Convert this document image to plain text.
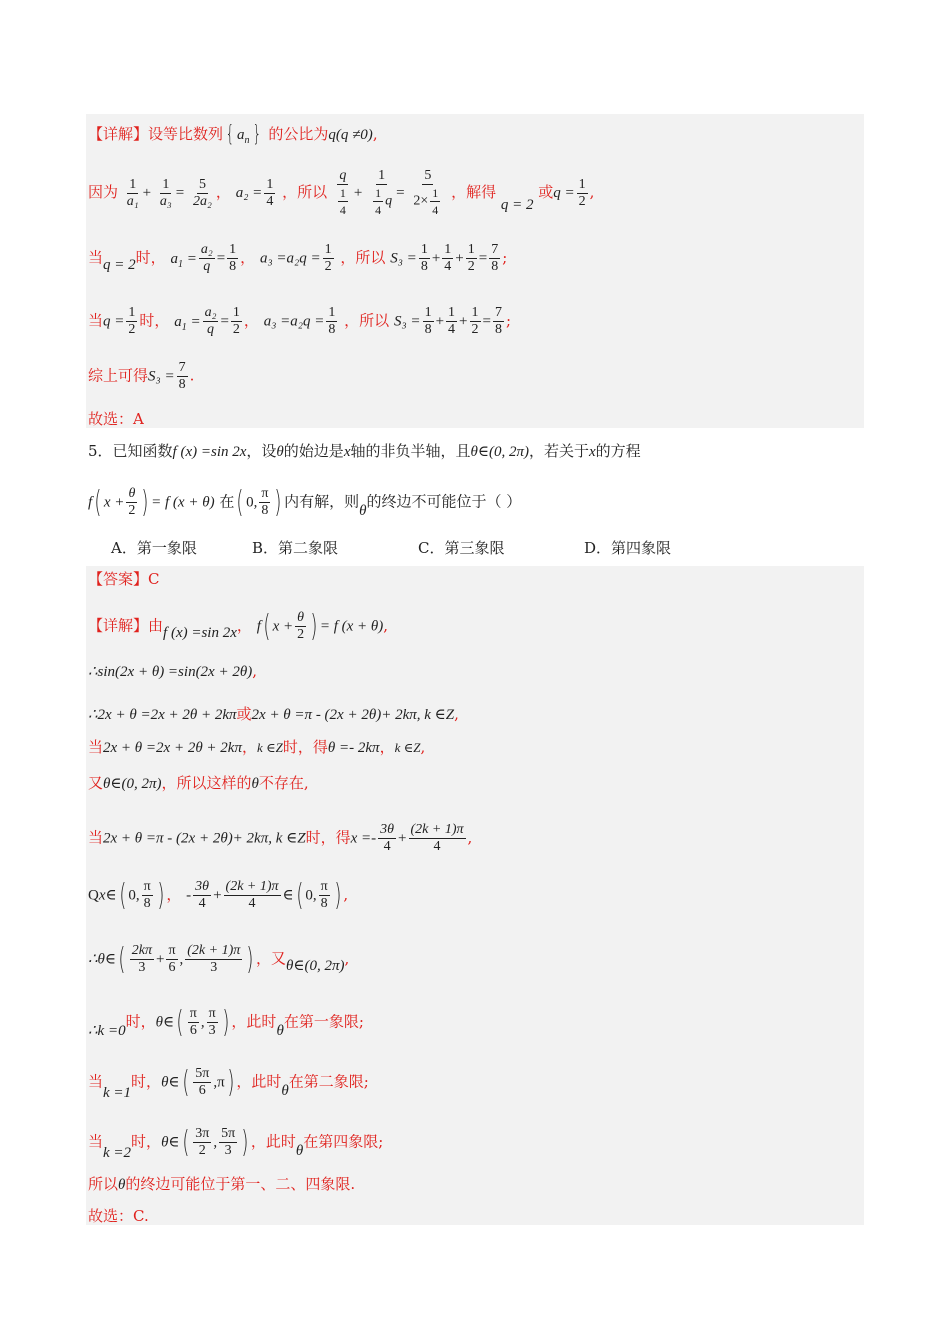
【详解】设等比数列 { $a_n$ } 的公比为q(q ≠0),
因为 $\frac{1}{\text{a₁}} + \frac{1}{\text{a₃}} = \frac{5}{\text{2a₂}}$ ， $a_2 = \frac{1}{4}$ ，所以 $\frac{q}{\frac{1}{4}} + \frac{1}{\frac{1}{4} q} = \frac{5}{2\times \frac{1}{4}}$ ，解得 q = 2 或$q = \frac{1}{2}$ ,
当q = 2时， $a_1 = \frac{\text{a₂}}{q} = \frac{1}{8}$ ， $a_3 =a_2q = \frac{1}{2}$ ，所以 $S_3 = \frac{1}{8} + \frac{1}{4} + \frac{1}{2} = \frac{7}{8}$ ;
当$q = \frac{1}{2}$ 时， $a_1 = \frac{\text{a₂}}{q} = \frac{1}{2}$ ， $a_3 =a_2q = \frac{1}{8}$ ，所以 $S_3 = \frac{1}{8} + \frac{1}{4} + \frac{1}{2} = \frac{7}{8}$ ;
综上可得$S_3 = \frac{7}{8}$ .
故选：A
5．已知函数f (x) =sin 2x，设θ的始边是x轴的非负半轴，且θ∈(0, 2π)，若关于x的方程
f( $x + \frac{\theta}{2}$ ) = f (x + θ) 在( 0, $\frac{\pi}{8}$ ) 内有解，则θ的终边不可能位于（ ）
A．第一象限	B．第二象限	C．第三象限	D．第四象限
【答案】C
【详解】由f (x) =sin 2x， f( $x + \frac{\theta}{2}$ ) = f (x + θ),
∴sin(2x + θ) =sin(2x + 2θ),
∴2x + θ =2x + 2θ + 2kπ或2x + θ =π - (2x + 2θ)+ 2kπ, k ∈Z,
当2x + θ =2x + 2θ + 2kπ，k ∈Z时，得θ =- 2kπ，k ∈Z,
又θ∈(0, 2π)，所以这样的θ不存在,
当2x + θ =π - (2x + 2θ)+ 2kπ, k ∈Z时，得$x =- \frac{3\theta}{4} + \frac{(2k + 1)\pi}{4}$ ,
Qx∈( 0, $\frac{\pi}{8}$ ) ， - $\frac{3\theta}{4} + \frac{(2k + 1)\pi}{4}$ ∈( 0, $\frac{\pi}{8}$ ) ,
∴θ∈( $\frac{2k\pi}{3} + \frac{\pi}{6}$ , $\frac{(2k + 1)\pi}{3}$ ) ，又θ∈(0, 2π),
∴k =0时，θ∈( $\frac{\pi}{6}$ , $\frac{\pi}{3}$ ) ，此时θ在第一象限;
当k =1时，θ∈( $\frac{5\pi}{6} ,\pi$) ，此时θ在第二象限;
当k =2时，θ∈( $\frac{3\pi}{2}$ , $\frac{5\pi}{3}$ ) ，此时θ在第四象限;
所以θ的终边可能位于第一、二、四象限.
故选：C.
